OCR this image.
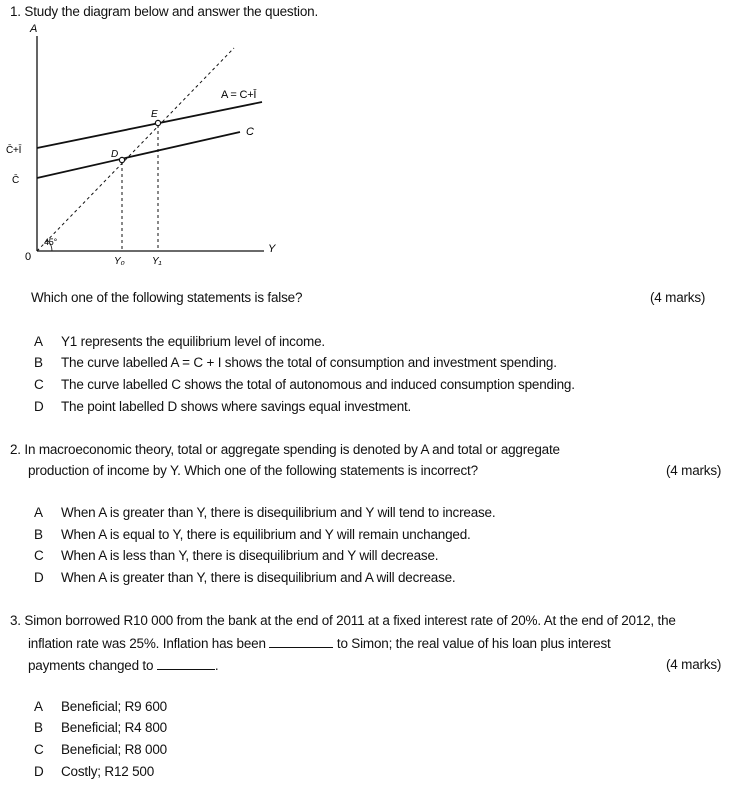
1. Study the diagram below and answer the question.
A
Y
0
45°
A = C+Ī
C
C̄+Ī
C̄
E
D
Y₀	Y₁
Which one of the following statements is false?	(4 marks)
A Y1 represents the equilibrium level of income.
B The curve labelled A = C + I shows the total of consumption and investment spending.
C The curve labelled C shows the total of autonomous and induced consumption spending.
D The point labelled D shows where savings equal investment.
2. In macroeconomic theory, total or aggregate spending is denoted by A and total or aggregate
production of income by Y. Which one of the following statements is incorrect?	(4 marks)
A When A is greater than Y, there is disequilibrium and Y will tend to increase.
B When A is equal to Y, there is equilibrium and Y will remain unchanged.
C When A is less than Y, there is disequilibrium and Y will decrease.
D When A is greater than Y, there is disequilibrium and A will decrease.
3. Simon borrowed R10 000 from the bank at the end of 2011 at a fixed interest rate of 20%. At the end of 2012, the
inflation rate was 25%. Inflation has been	to Simon; the real value of his loan plus interest
payments changed to	.	(4 marks)
A Beneficial; R9 600
B Beneficial; R4 800
C Beneficial; R8 000
D Costly; R12 500
